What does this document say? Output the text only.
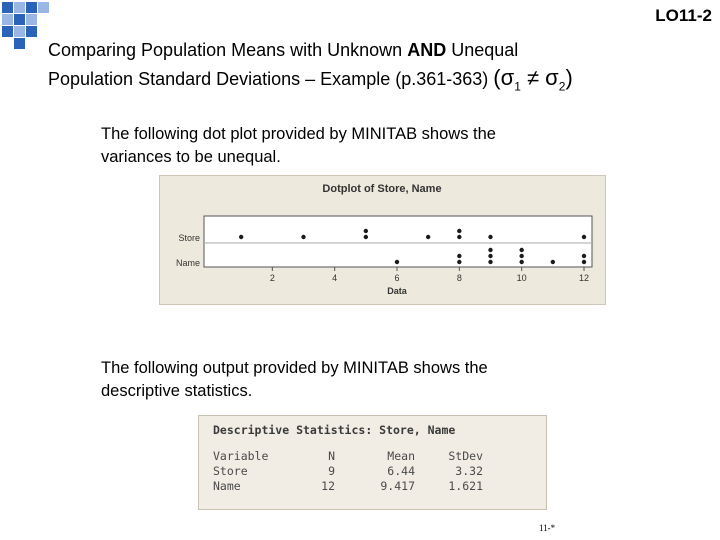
LO11-2
Comparing Population Means with Unknown AND Unequal
Population Standard Deviations – Example (p.361-363) $(\sigma_1 \ne \sigma_2)$
The following dot plot provided by MINITAB shows the
variances to be unequal.
Dotplot of Store, Name
Store
Name
2	4	6	8	10	12
Data
The following output provided by MINITAB shows the
descriptive statistics.
Descriptive Statistics: Store, Name
Variable	N	Mean	StDev
Store	9	6.44	3.32
Name	12	9.417	1.621
11-*
